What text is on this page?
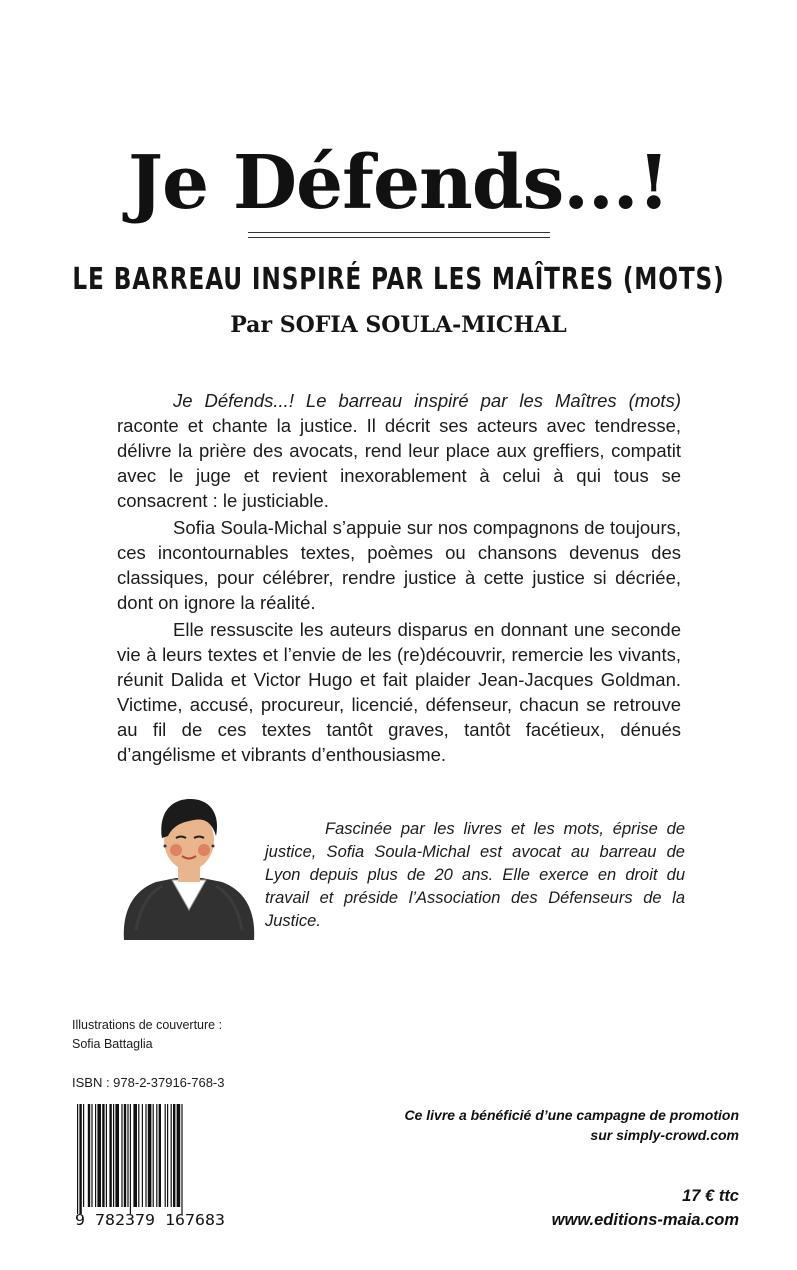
Je Défends...!
LE BARREAU INSPIRÉ PAR LES MAÎTRES (MOTS)
Par SOFIA SOULA-MICHAL

Je Défends...! Le barreau inspiré par les Maîtres (mots) raconte et chante la justice. Il décrit ses acteurs avec tendresse, délivre la prière des avocats, rend leur place aux greffiers, compatit avec le juge et revient inexorablement à celui à qui tous se consacrent : le justiciable.

Sofia Soula-Michal s’appuie sur nos compagnons de toujours, ces incontournables textes, poèmes ou chansons devenus des classiques, pour célébrer, rendre justice à cette justice si décriée, dont on ignore la réalité.

Elle ressuscite les auteurs disparus en donnant une seconde vie à leurs textes et l’envie de les (re)découvrir, remercie les vivants, réunit Dalida et Victor Hugo et fait plaider Jean-Jacques Goldman. Victime, accusé, procureur, licencié, défenseur, chacun se retrouve au fil de ces textes tantôt graves, tantôt facétieux, dénués d’angélisme et vibrants d’enthousiasme.

Fascinée par les livres et les mots, éprise de justice, Sofia Soula-Michal est avocat au barreau de Lyon depuis plus de 20 ans. Elle exerce en droit du travail et préside l’Association des Défenseurs de la Justice.

Illustrations de couverture :
Sofia Battaglia
ISBN : 978-2-37916-768-3
9 782379 167683
Ce livre a bénéficié d’une campagne de promotion
sur simply-crowd.com
17 € ttc
www.editions-maia.com
